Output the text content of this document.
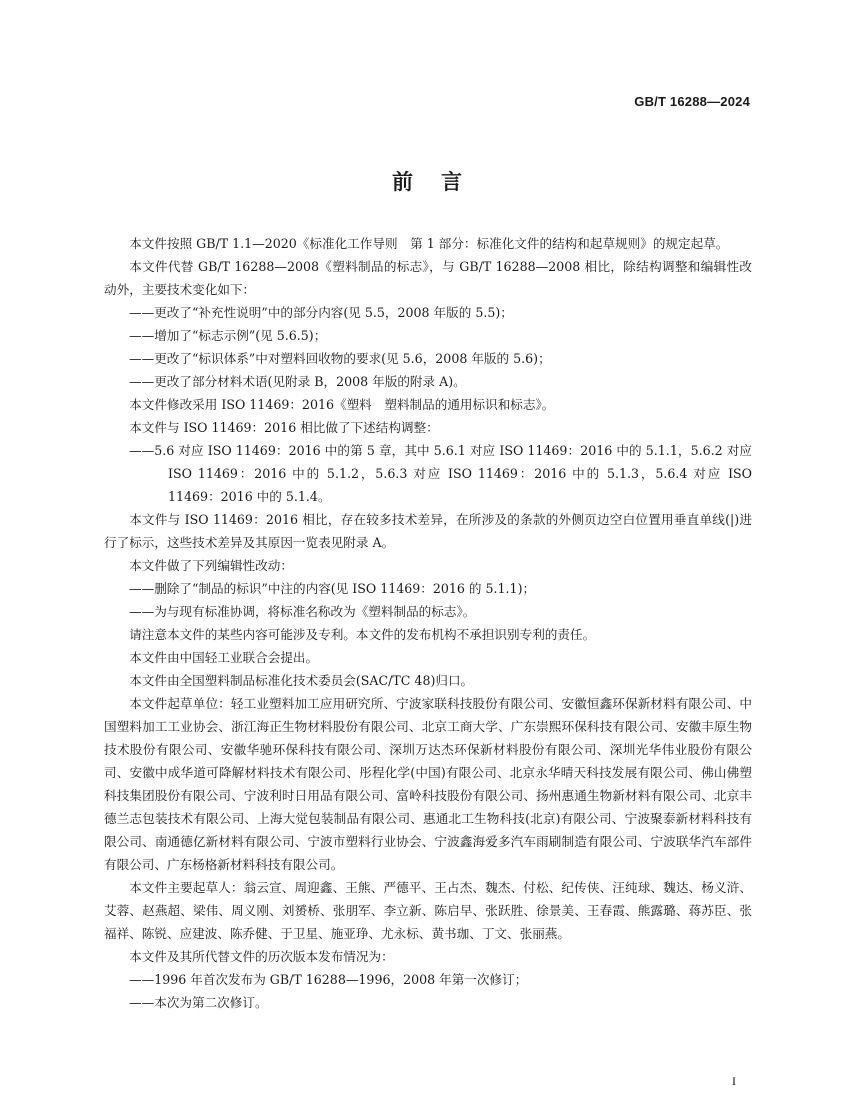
GB/T 16288—2024
前言

本文件按照 GB/T 1.1—2020《标准化工作导则　第 1 部分：标准化文件的结构和起草规则》的规定起草。

本文件代替 GB/T 16288—2008《塑料制品的标志》，与 GB/T 16288—2008 相比，除结构调整和编辑性改动外，主要技术变化如下：

——更改了“补充性说明”中的部分内容(见 5.5，2008 年版的 5.5)；

——增加了“标志示例”(见 5.6.5)；

——更改了“标识体系”中对塑料回收物的要求(见 5.6，2008 年版的 5.6)；

——更改了部分材料术语(见附录 B，2008 年版的附录 A)。

本文件修改采用 ISO 11469：2016《塑料　塑料制品的通用标识和标志》。

本文件与 ISO 11469：2016 相比做了下述结构调整：

——5.6 对应 ISO 11469：2016 中的第 5 章，其中 5.6.1 对应 ISO 11469：2016 中的 5.1.1，5.6.2 对应 ISO 11469：2016 中的 5.1.2，5.6.3 对应 ISO 11469：2016 中的 5.1.3，5.6.4 对应 ISO 11469：2016 中的 5.1.4。

本文件与 ISO 11469：2016 相比，存在较多技术差异，在所涉及的条款的外侧页边空白位置用垂直单线(|)进行了标示，这些技术差异及其原因一览表见附录 A。

本文件做了下列编辑性改动：

——删除了“制品的标识”中注的内容(见 ISO 11469：2016 的 5.1.1)；

——为与现有标准协调，将标准名称改为《塑料制品的标志》。

请注意本文件的某些内容可能涉及专利。本文件的发布机构不承担识别专利的责任。

本文件由中国轻工业联合会提出。

本文件由全国塑料制品标准化技术委员会(SAC/TC 48)归口。

本文件起草单位：轻工业塑料加工应用研究所、宁波家联科技股份有限公司、安徽恒鑫环保新材料有限公司、中国塑料加工工业协会、浙江海正生物材料股份有限公司、北京工商大学、广东崇熙环保科技有限公司、安徽丰原生物技术股份有限公司、安徽华驰环保科技有限公司、深圳万达杰环保新材料股份有限公司、深圳光华伟业股份有限公司、安徽中成华道可降解材料技术有限公司、彤程化学(中国)有限公司、北京永华晴天科技发展有限公司、佛山佛塑科技集团股份有限公司、宁波利时日用品有限公司、富岭科技股份有限公司、扬州惠通生物新材料有限公司、北京丰德兰志包装技术有限公司、上海大觉包装制品有限公司、惠通北工生物科技(北京)有限公司、宁波聚泰新材料科技有限公司、南通德亿新材料有限公司、宁波市塑料行业协会、宁波鑫海爱多汽车雨刷制造有限公司、宁波联华汽车部件有限公司、广东杨格新材料科技有限公司。

本文件主要起草人：翁云宣、周迎鑫、王熊、严德平、王占杰、魏杰、付松、纪传侠、汪纯球、魏达、杨义浒、艾蓉、赵燕超、梁伟、周义刚、刘赟桥、张朋军、李立新、陈启早、张跃胜、徐景美、王春霞、熊露璐、蒋苏臣、张福祥、陈锐、应建波、陈乔健、于卫星、施亚琤、尤永标、黄书珈、丁文、张丽燕。

本文件及其所代替文件的历次版本发布情况为：

——1996 年首次发布为 GB/T 16288—1996，2008 年第一次修订；

——本次为第二次修订。

I
